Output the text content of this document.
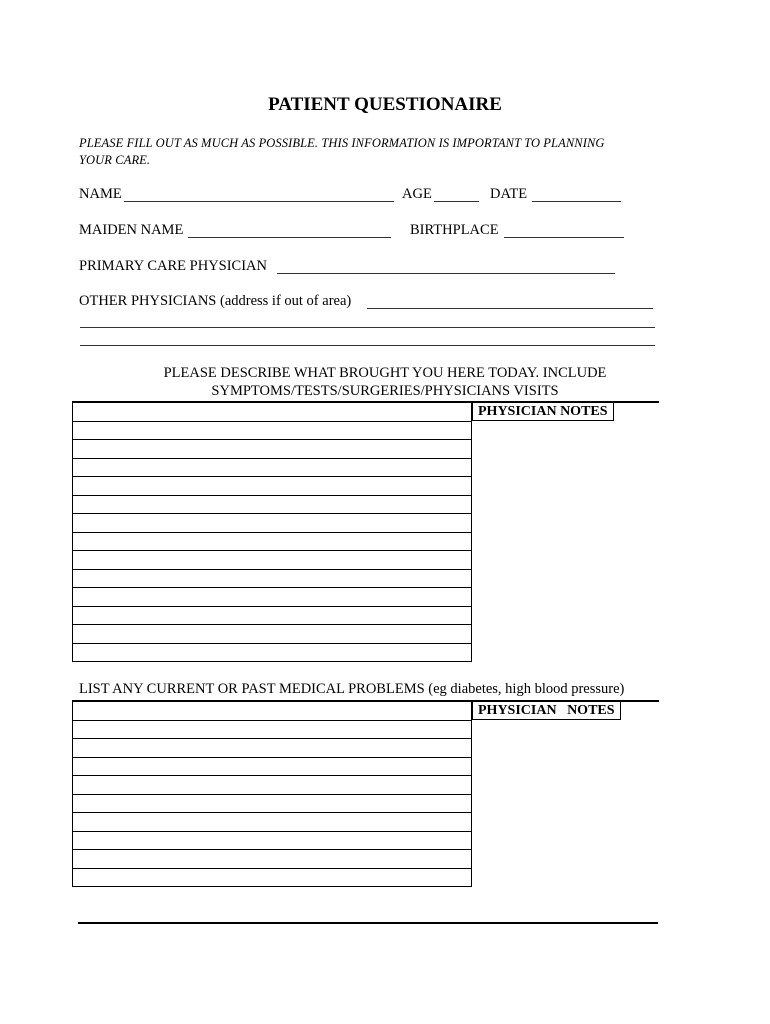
PATIENT QUESTIONAIRE
PLEASE FILL OUT AS MUCH AS POSSIBLE. THIS INFORMATION IS IMPORTANT TO PLANNING
YOUR CARE.
NAME	AGE	DATE
MAIDEN NAME	BIRTHPLACE
PRIMARY CARE PHYSICIAN
OTHER PHYSICIANS (address if out of area)
PLEASE DESCRIBE WHAT BROUGHT YOU HERE TODAY. INCLUDE
SYMPTOMS/TESTS/SURGERIES/PHYSICIANS VISITS
PHYSICIAN NOTES
LIST ANY CURRENT OR PAST MEDICAL PROBLEMS (eg diabetes, high blood pressure)
PHYSICIAN   NOTES
